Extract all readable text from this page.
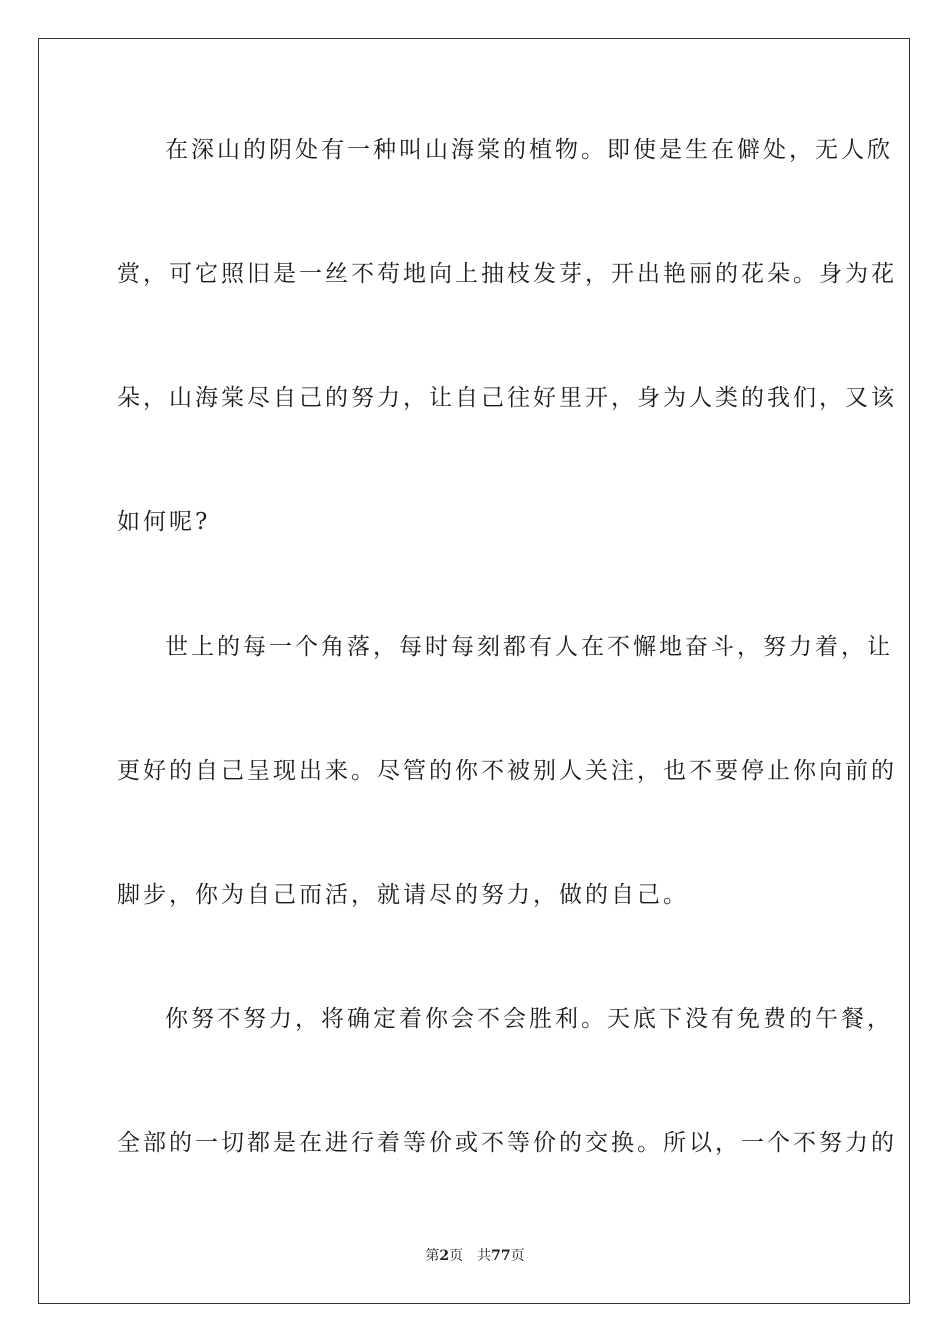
在深山的阴处有一种叫山海棠的植物。即使是生在僻处，无人欣
赏，可它照旧是一丝不苟地向上抽枝发芽，开出艳丽的花朵。身为花
朵，山海棠尽自己的努力，让自己往好里开，身为人类的我们，又该
如何呢?
世上的每一个角落，每时每刻都有人在不懈地奋斗，努力着，让
更好的自己呈现出来。尽管的你不被别人关注，也不要停止你向前的
脚步，你为自己而活，就请尽的努力，做的自己。
你努不努力，将确定着你会不会胜利。天底下没有免费的午餐，
全部的一切都是在进行着等价或不等价的交换。所以，一个不努力的
第2页 共77页
